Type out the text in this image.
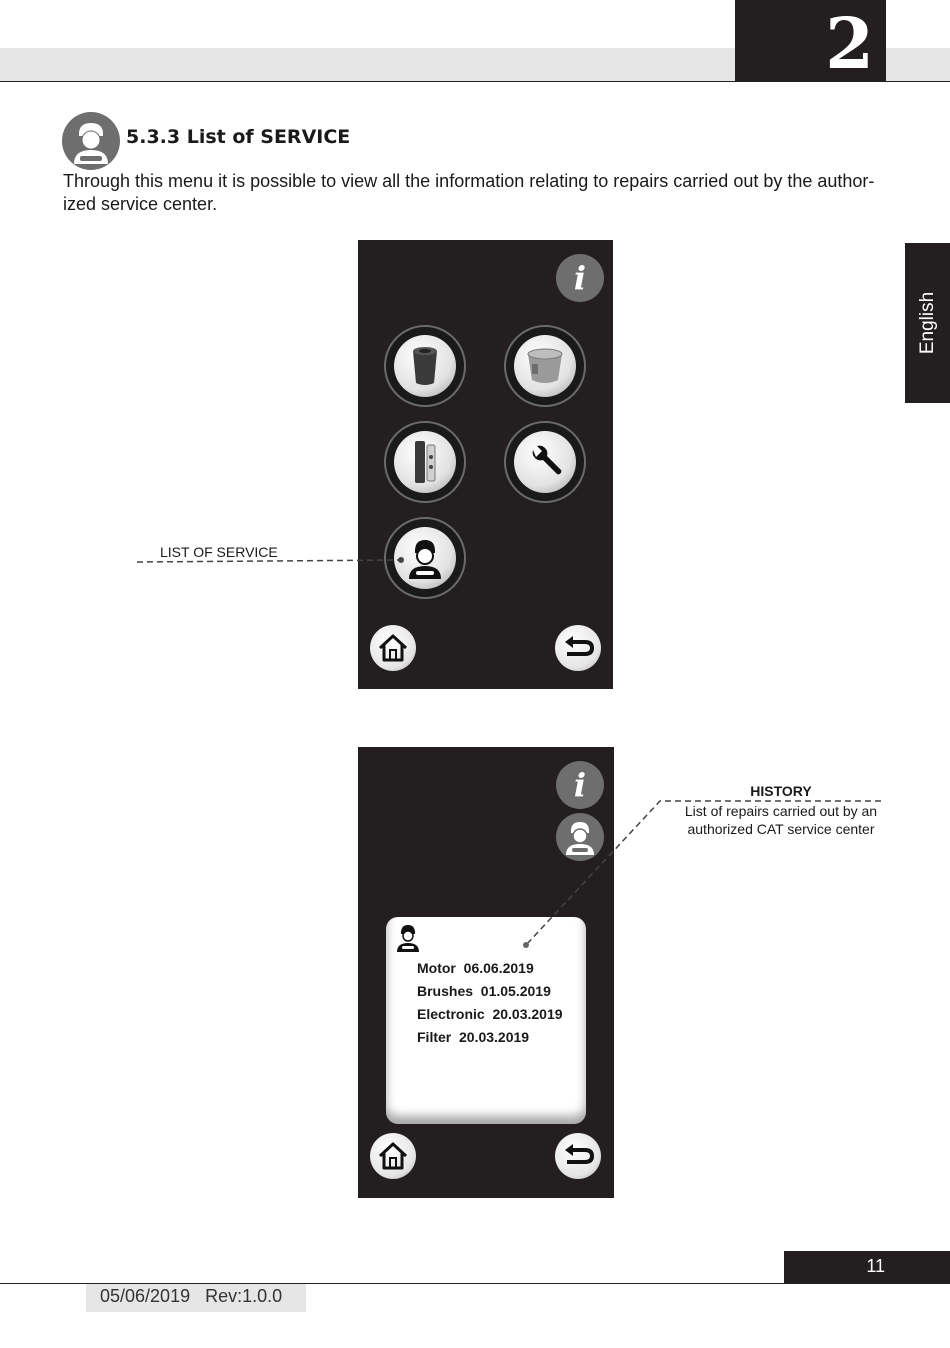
2
English
5.3.3 List of SERVICE
Through this menu it is possible to view all the information relating to repairs carried out by the author-ized service center.
i
LIST OF SERVICE
i
Motor  06.06.2019
Brushes  01.05.2019
Electronic  20.03.2019
Filter  20.03.2019
HISTORY
List of repairs carried out by an authorized CAT service center
11
05/06/2019   Rev:1.0.0
